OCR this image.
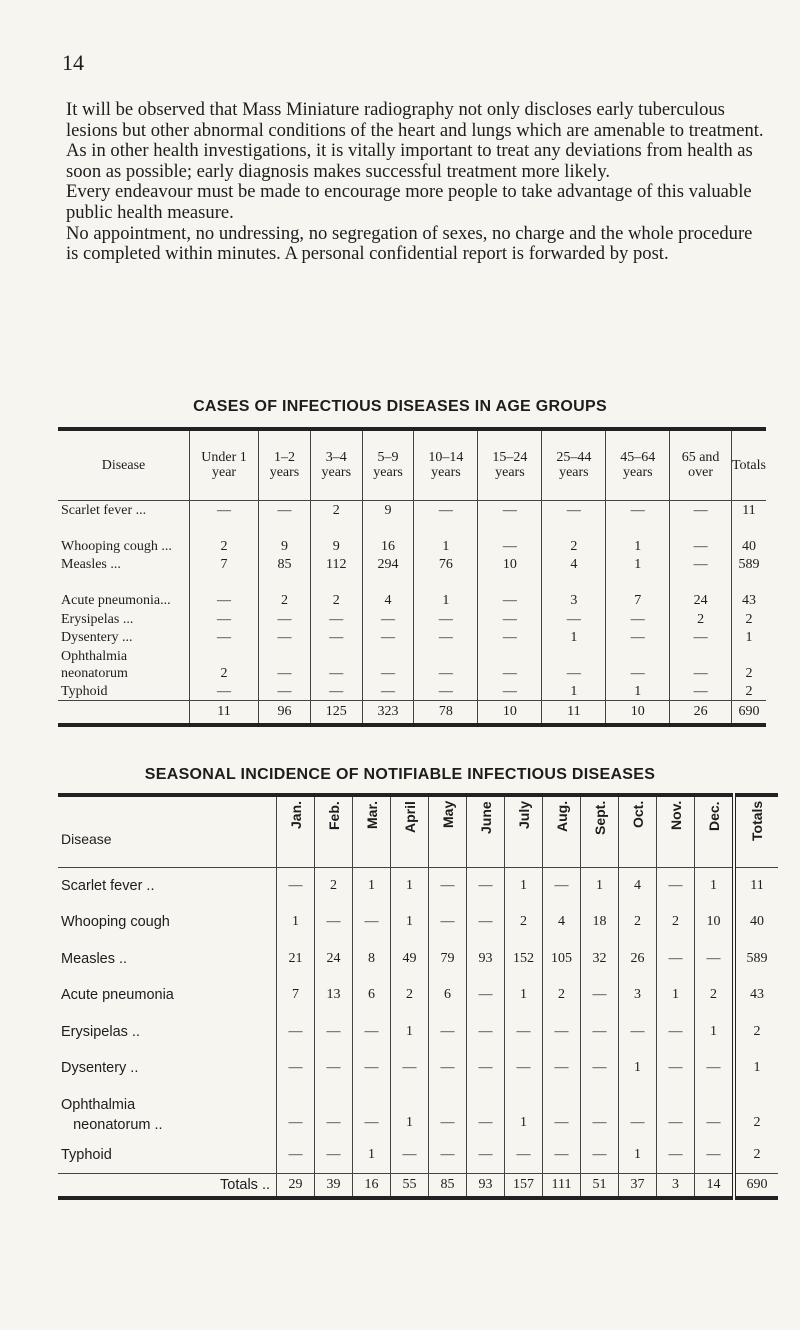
14

It will be observed that Mass Miniature radiography not only discloses early tuberculous lesions but other abnormal conditions of the heart and lungs which are amenable to treatment.

As in other health investigations, it is vitally important to treat any deviations from health as soon as possible; early diagnosis makes successful treatment more likely.

Every endeavour must be made to encourage more people to take advantage of this valuable public health measure.

No appointment, no undressing, no segregation of sexes, no charge and the whole procedure is completed within minutes. A personal confidential report is forwarded by post.

CASES OF INFECTIOUS DISEASES IN AGE GROUPS
Disease	Under 1 year	1–2 years	3–4 years	5–9 years	10–14 years	15–24 years	25–44 years	45–64 years	65 and over	Totals
Scarlet fever ...	—	—	2	9	—	—	—	—	—	11
Whooping cough ...	2	9	9	16	1	—	2	1	—	40
Measles ...	7	85	112	294	76	10	4	1	—	589
Acute pneumonia...	—	2	2	4	1	—	3	7	24	43
Erysipelas ...	—	—	—	—	—	—	—	—	2	2
Dysentery ...	—	—	—	—	—	—	1	—	—	1
Ophthalmia neonatorum	2	—	—	—	—	—	—	—	—	2
Typhoid	—	—	—	—	—	—	1	1	—	2
	11	96	125	323	78	10	11	10	26	690
SEASONAL INCIDENCE OF NOTIFIABLE INFECTIOUS DISEASES
Disease	Jan.	Feb.	Mar.	April	May	June	July	Aug.	Sept.	Oct.	Nov.	Dec.	Totals

Scarlet fever ..	—	2	1	1	—	—	1	—	1	4	—	1	11
Whooping cough	1	—	—	1	—	—	2	4	18	2	2	10	40
Measles ..	21	24	8	49	79	93	152	105	32	26	—	—	589
Acute pneumonia	7	13	6	2	6	—	1	2	—	3	1	2	43
Erysipelas ..	—	—	—	1	—	—	—	—	—	—	—	1	2
Dysentery ..	—	—	—	—	—	—	—	—	—	1	—	—	1

Ophthalmia
neonatorum ..	—	—	—	1	—	—	1	—	—	—	—	—	2
Typhoid	—	—	1	—	—	—	—	—	—	1	—	—	2
Totals ..	29	39	16	55	85	93	157	111	51	37	3	14	690
